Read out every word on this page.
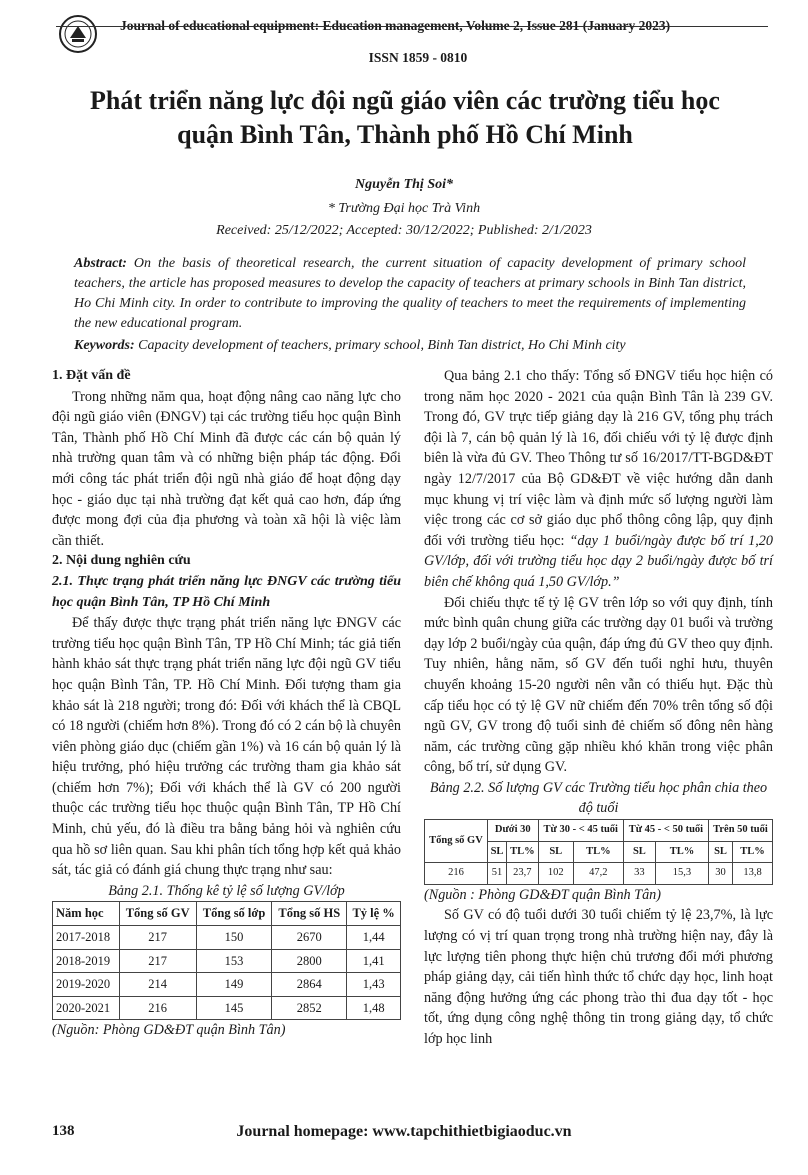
Journal of educational equipment: Education management, Volume 2, Issue 281 (January 2023)
ISSN 1859 - 0810
Phát triển năng lực đội ngũ giáo viên các trường tiểu học
quận Bình Tân, Thành phố Hồ Chí Minh
Nguyễn Thị Soi*
* Trường Đại học Trà Vinh
Received: 25/12/2022; Accepted: 30/12/2022; Published: 2/1/2023
Abstract: On the basis of theoretical research, the current situation of capacity development of primary school teachers, the article has proposed measures to develop the capacity of teachers at primary schools in Binh Tan district, Ho Chi Minh city. In order to contribute to improving the quality of teachers to meet the requirements of implementing the new educational program.
Keywords: Capacity development of teachers, primary school, Binh Tan district, Ho Chi Minh city
1. Đặt vấn đề

Trong những năm qua, hoạt động nâng cao năng lực cho đội ngũ giáo viên (ĐNGV) tại các trường tiểu học quận Bình Tân, Thành phố Hồ Chí Minh đã được các cán bộ quản lý nhà trường quan tâm và có những biện pháp tác động. Đổi mới công tác phát triển đội ngũ nhà giáo để hoạt động dạy học - giáo dục tại nhà trường đạt kết quả cao hơn, đáp ứng được mong đợi của địa phương và toàn xã hội là việc làm cần thiết.

2. Nội dung nghiên cứu
2.1. Thực trạng phát triển năng lực ĐNGV các trường tiểu học quận Bình Tân, TP Hồ Chí Minh

Để thấy được thực trạng phát triển năng lực ĐNGV các trường tiểu học quận Bình Tân, TP Hồ Chí Minh; tác giả tiến hành khảo sát thực trạng phát triển năng lực đội ngũ GV tiểu học quận Bình Tân, TP. Hồ Chí Minh. Đối tượng tham gia khảo sát là 218 người; trong đó: Đối với khách thể là CBQL có 18 người (chiếm hơn 8%). Trong đó có 2 cán bộ là chuyên viên phòng giáo dục (chiếm gần 1%) và 16 cán bộ quản lý là hiệu trưởng, phó hiệu trưởng các trường tham gia khảo sát (chiếm hơn 7%); Đối với khách thể là GV có 200 người thuộc các trường tiểu học thuộc quận Bình Tân, TP Hồ Chí Minh, chủ yếu, đó là điều tra bằng bảng hỏi và nghiên cứu qua hồ sơ liên quan. Sau khi phân tích tổng hợp kết quả khảo sát, tác giả có đánh giá chung thực trạng như sau:

Bảng 2.1. Thống kê tỷ lệ số lượng GV/lớp

Năm học	Tổng số GV	Tổng số lớp	Tổng số HS	Tỷ lệ %
2017-2018	217	150	2670	1,44
2018-2019	217	153	2800	1,41
2019-2020	214	149	2864	1,43
2020-2021	216	145	2852	1,48

(Nguồn: Phòng GD&ĐT quận Bình Tân)

Qua bảng 2.1 cho thấy: Tổng số ĐNGV tiểu học hiện có trong năm học 2020 - 2021 của quận Bình Tân là 239 GV. Trong đó, GV trực tiếp giảng dạy là 216 GV, tổng phụ trách đội là 7, cán bộ quản lý là 16, đối chiếu với tỷ lệ được định biên là vừa đủ GV. Theo Thông tư số 16/2017/TT-BGD&ĐT ngày 12/7/2017 của Bộ GD&ĐT về việc hướng dẫn danh mục khung vị trí việc làm và định mức số lượng người làm việc trong các cơ sở giáo dục phổ thông công lập, quy định đối với trường tiểu học: “dạy 1 buổi/ngày được bố trí 1,20 GV/lớp, đối với trường tiểu học dạy 2 buổi/ngày được bố trí biên chế không quá 1,50 GV/lớp.”

Đối chiếu thực tế tỷ lệ GV trên lớp so với quy định, tính mức bình quân chung giữa các trường dạy 01 buổi và trường dạy lớp 2 buổi/ngày của quận, đáp ứng đủ GV theo quy định. Tuy nhiên, hằng năm, số GV đến tuổi nghỉ hưu, thuyên chuyển khoảng 15-20 người nên vẫn có thiếu hụt. Đặc thù cấp tiểu học có tỷ lệ GV nữ chiếm đến 70% trên tổng số đội ngũ GV, GV trong độ tuổi sinh đẻ chiếm số đông nên hàng năm, các trường cũng gặp nhiều khó khăn trong việc phân công, bố trí, sử dụng GV.

Bảng 2.2. Số lượng GV các Trường tiểu học phân chia theo độ tuổi

Tổng số GV	Dưới 30		Từ 30 - < 45 tuổi		Từ 45 - < 50 tuổi		Trên 50 tuổi	
	SL	TL%	SL	TL%	SL	TL%	SL	TL%
216	51	23,7	102	47,2	33	15,3	30	13,8

(Nguồn : Phòng GD&ĐT quận Bình Tân)

Số GV có độ tuổi dưới 30 tuổi chiếm tỷ lệ 23,7%, là lực lượng có vị trí quan trọng trong nhà trường hiện nay, đây là lực lượng tiên phong thực hiện chủ trương đổi mới phương pháp giảng dạy, cải tiến hình thức tổ chức dạy học, linh hoạt năng động hưởng ứng các phong trào thi đua dạy tốt - học tốt, ứng dụng công nghệ thông tin trong giảng dạy, tổ chức lớp học linh

138	Journal homepage: www.tapchithietbigiaoduc.vn
